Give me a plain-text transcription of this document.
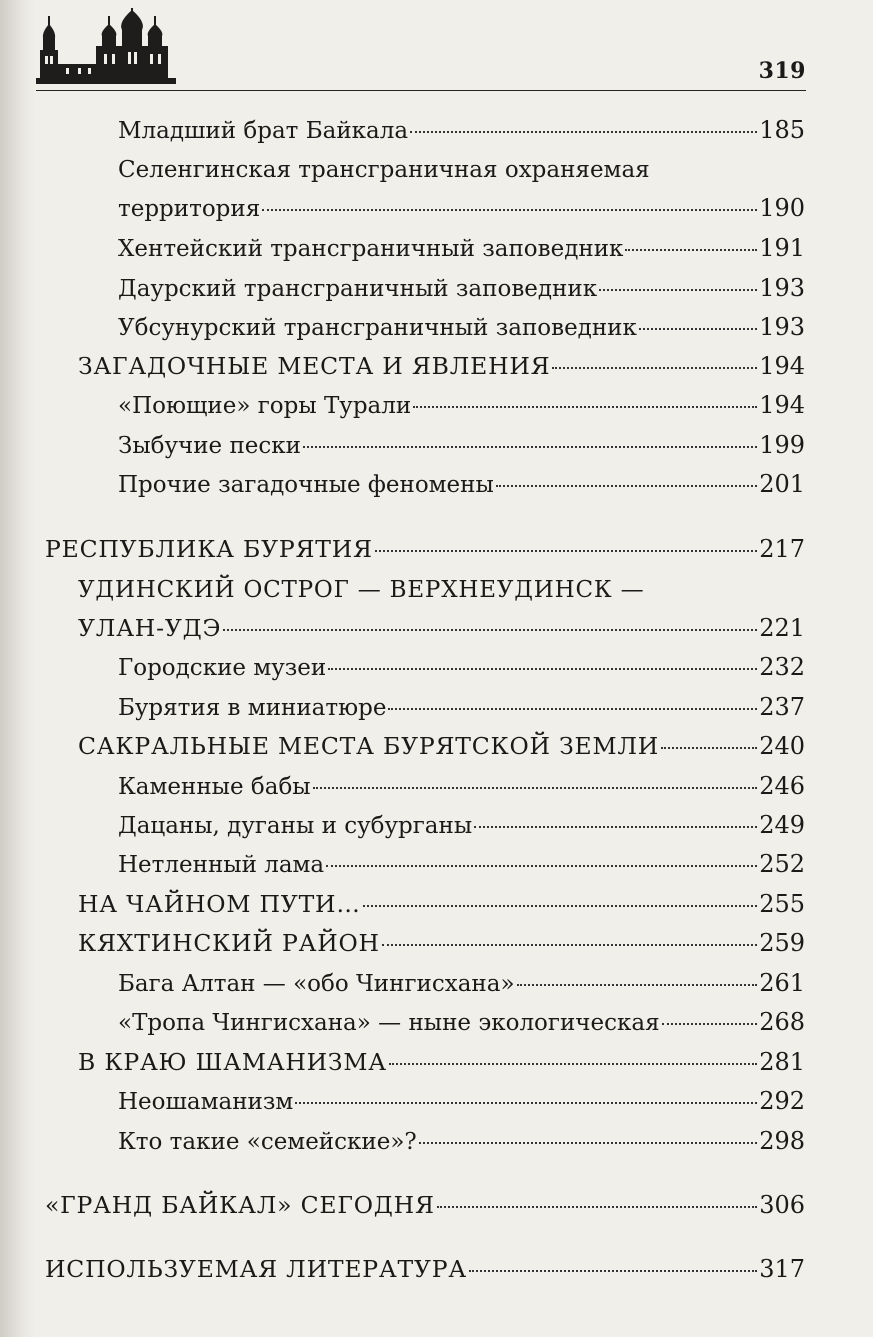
319
Младший брат Байкала	185
Селенгинская трансграничная охраняемая
территория	190
Хентейский трансграничный заповедник	191
Даурский трансграничный заповедник	193
Убсунурский трансграничный заповедник	193
ЗАГАДОЧНЫЕ МЕСТА И ЯВЛЕНИЯ	194
«Поющие» горы Турали	194
Зыбучие пески	199
Прочие загадочные феномены	201
РЕСПУБЛИКА БУРЯТИЯ	217
УДИНСКИЙ ОСТРОГ — ВЕРХНЕУДИНСК —
УЛАН-УДЭ	221
Городские музеи	232
Бурятия в миниатюре	237
САКРАЛЬНЫЕ МЕСТА БУРЯТСКОЙ ЗЕМЛИ	240
Каменные бабы	246
Дацаны, дуганы и субурганы	249
Нетленный лама	252
НА ЧАЙНОМ ПУТИ…	255
КЯХТИНСКИЙ РАЙОН	259
Бага Алтан — «обо Чингисхана»	261
«Тропа Чингисхана» — ныне экологическая	268
В КРАЮ ШАМАНИЗМА	281
Неошаманизм	292
Кто такие «семейские»?	298
«ГРАНД БАЙКАЛ» СЕГОДНЯ	306
ИСПОЛЬЗУЕМАЯ ЛИТЕРАТУРА	317
